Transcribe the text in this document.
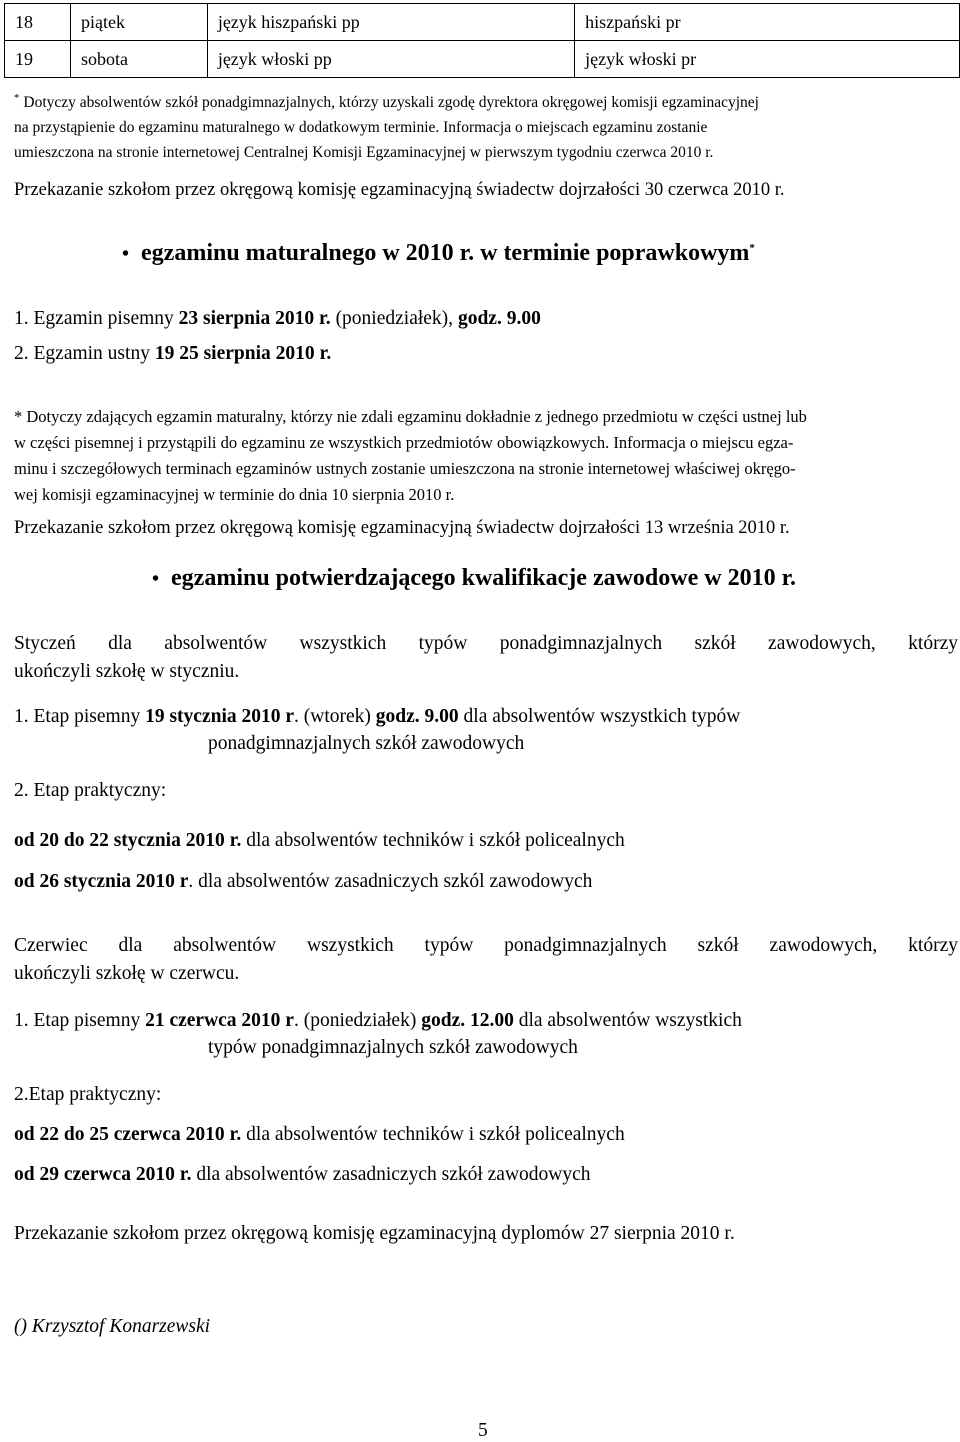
18	piątek	język hiszpański pp	hiszpański pr
19	sobota	język włoski pp	język włoski pr

* Dotyczy absolwentów szkół ponadgimnazjalnych, którzy uzyskali zgodę dyrektora okręgowej komisji egzaminacyjnej

na przystąpienie do egzaminu maturalnego w dodatkowym terminie. Informacja o miejscach egzaminu zostanie

umieszczona na stronie internetowej Centralnej Komisji Egzaminacyjnej w pierwszym tygodniu czerwca 2010 r.

Przekazanie szkołom przez okręgową komisję egzaminacyjną świadectw dojrzałości 30 czerwca 2010 r.
• egzaminu maturalnego w 2010 r. w terminie poprawkowym*
1. Egzamin pisemny 23 sierpnia 2010 r. (poniedziałek), godz. 9.00
2. Egzamin ustny 19 25 sierpnia 2010 r.

* Dotyczy zdających egzamin maturalny, którzy nie zdali egzaminu dokładnie z jednego przedmiotu w części ustnej lub

w części pisemnej i przystąpili do egzaminu ze wszystkich przedmiotów obowiązkowych. Informacja o miejscu egza-

minu i szczegółowych terminach egzaminów ustnych zostanie umieszczona na stronie internetowej właściwej okręgo-

wej komisji egzaminacyjnej w terminie do dnia 10 sierpnia 2010 r.

Przekazanie szkołom przez okręgową komisję egzaminacyjną świadectw dojrzałości 13 września 2010 r.
• egzaminu potwierdzającego kwalifikacje zawodowe w 2010 r.

Styczeń dla absolwentów wszystkich typów ponadgimnazjalnych szkół zawodowych, którzy

ukończyli szkołę w styczniu.

1. Etap pisemny 19 stycznia 2010 r. (wtorek) godz. 9.00 dla absolwentów wszystkich typów
ponadgimnazjalnych szkół zawodowych
2. Etap praktyczny:
od 20 do 22 stycznia 2010 r. dla absolwentów techników i szkół policealnych
od 26 stycznia 2010 r. dla absolwentów zasadniczych szkól zawodowych

Czerwiec dla absolwentów wszystkich typów ponadgimnazjalnych szkół zawodowych, którzy

ukończyli szkołę w czerwcu.

1. Etap pisemny 21 czerwca 2010 r. (poniedziałek) godz. 12.00 dla absolwentów wszystkich
typów ponadgimnazjalnych szkół zawodowych
2.Etap praktyczny:
od 22 do 25 czerwca 2010 r. dla absolwentów techników i szkół policealnych
od 29 czerwca 2010 r. dla absolwentów zasadniczych szkół zawodowych
Przekazanie szkołom przez okręgową komisję egzaminacyjną dyplomów 27 sierpnia 2010 r.
() Krzysztof Konarzewski
5
